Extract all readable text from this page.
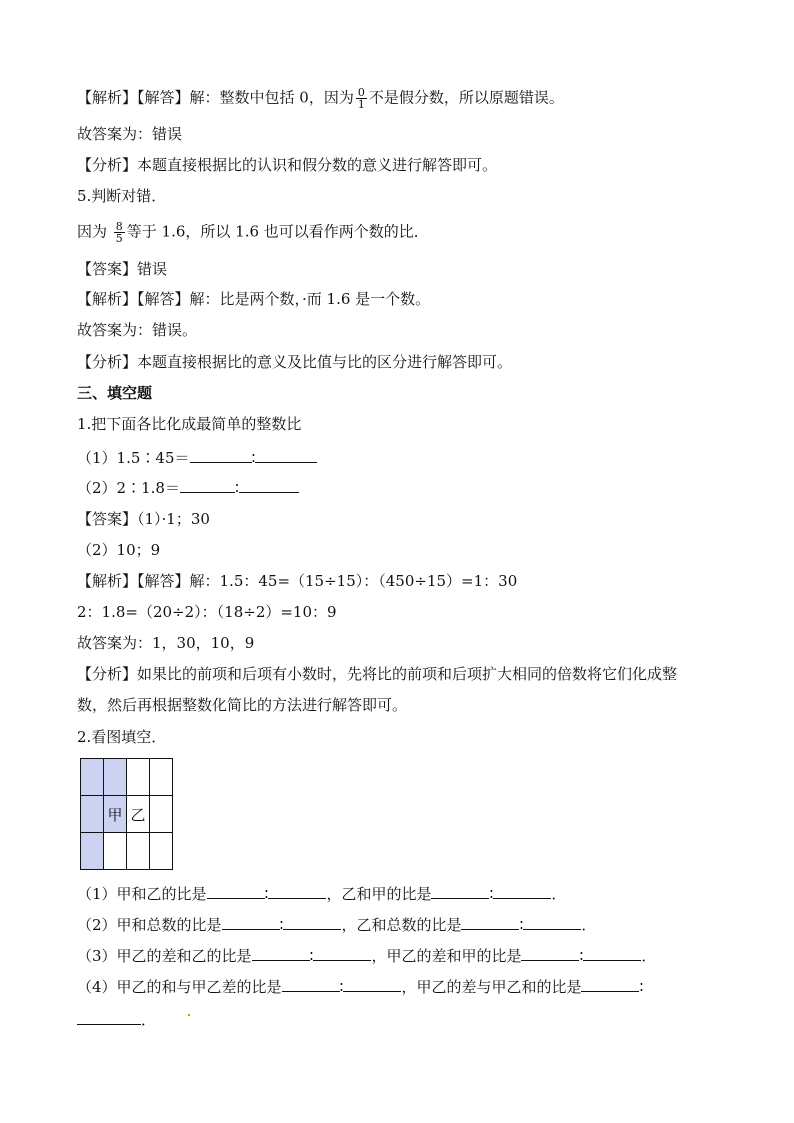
【解析】【解答】解：整数中包括 0，因为 $\frac{0}{1}$ 不是假分数，所以原题错误。
故答案为：错误
【分析】本题直接根据比的认识和假分数的意义进行解答即可。
5.判断对错．
因为 $\frac{8}{5}$ 等于 1.6，所以 1.6 也可以看作两个数的比．
【答案】错误
【解析】【解答】解：比是两个数，·而 1.6 是一个数。
故答案为：错误。
【分析】本题直接根据比的意义及比值与比的区分进行解答即可。
三、填空题
1.把下面各比化成最简单的整数比
（1）1.5∶45＝	∶
（2）2∶1.8＝	∶
【答案】（1）·1；30
（2）10；9
【解析】【解答】解：1.5：45=（15÷15）：（450÷15）=1：30
2：1.8=（20÷2）：（18÷2）=10：9
故答案为：1，30，10，9
【分析】如果比的前项和后项有小数时，先将比的前项和后项扩大相同的倍数将它们化成整
数，然后再根据整数化简比的方法进行解答即可。
2.看图填空．

	甲	乙	

（1）甲和乙的比是	∶	，乙和甲的比是	∶	．
（2）甲和总数的比是	∶	，乙和总数的比是	∶	．
（3）甲乙的差和乙的比是	∶	，甲乙的差和甲的比是	∶	．
（4）甲乙的和与甲乙差的比是	∶	，甲乙的差与甲乙和的比是	∶
．
